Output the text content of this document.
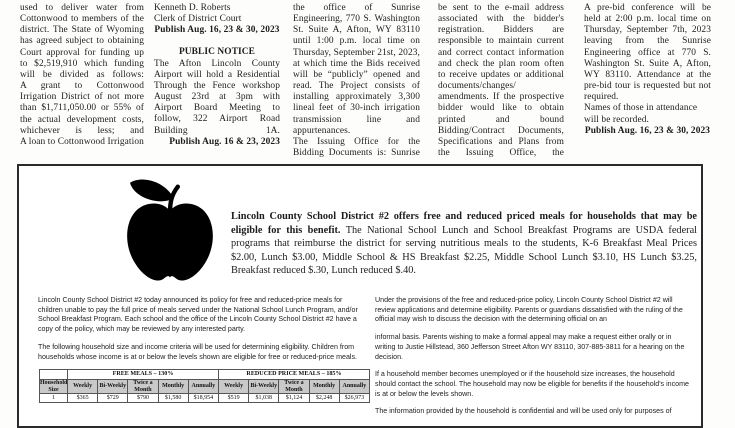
used to deliver water from Cottonwood to members of the district. The State of Wyoming has agreed subject to obtaining Court approval for funding up to $2,519,910 which funding will be divided as follows:

A grant to Cottonwood Irrigation District of not more than $1,711,050.00 or 55% of the actual development costs, whichever is less; and

A loan to Cottonwood Irrigation

Kenneth D. Roberts

Clerk of District Court

Publish Aug. 16, 23 & 30, 2023

PUBLIC NOTICE

The Afton Lincoln County Airport will hold a Residential Through the Fence workshop August 23rd at 3pm with Airport Board Meeting to follow, 322 Airport Road Building 1A.

Publish Aug. 16 & 23, 2023

the office of Sunrise Engineering, 770 S. Washington St. Suite A, Afton, WY 83110 until 1:00 p.m. local time on Thursday, September 21st, 2023, at which time the Bids received will be “publicly” opened and read. The Project consists of installing approximately 3,300 lineal feet of 30-inch irrigation transmission line and appurtenances.

The Issuing Office for the Bidding Documents is: Sunrise

be sent to the e-mail address associated with the bidder's registration. Bidders are responsible to maintain current and correct contact information and check the plan room often to receive updates or additional documents/changes/ amendments. If the prospective bidder would like to obtain printed and bound Bidding/Contract Documents, Specifications and Plans from the Issuing Office, the

A pre-bid conference will be held at 2:00 p.m. local time on Thursday, September 7th, 2023 leaving from the Sunrise Engineering office at 770 S. Washington St. Suite A, Afton, WY 83110. Attendance at the pre-bid tour is requested but not required.

Names of those in attendance will be recorded.

Publish Aug. 16, 23 & 30, 2023

Lincoln County School District #2 offers free and reduced priced meals for households that may be eligible for this benefit. The National School Lunch and School Breakfast Programs are USDA federal programs that reimburse the district for serving nutritious meals to the students, K-6 Breakfast Meal Prices $2.00, Lunch $3.00, Middle School & HS Breakfast $2.25, Middle School Lunch $3.10, HS Lunch $3.25, Breakfast reduced $.30, Lunch reduced $.40.

Lincoln County School District #2 today announced its policy for free and reduced-price meals for children unable to pay the full price of meals served under the National School Lunch Program, and/or School Breakfast Program. Each school and the office of the Lincoln County School District #2 have a copy of the policy, which may be reviewed by any interested party.

The following household size and income criteria will be used for determining eligibility. Children from households whose income is at or below the levels shown are eligible for free or reduced-price meals.

Under the provisions of the free and reduced-price policy, Lincoln County School District #2 will review applications and determine eligibility. Parents or guardians dissatisfied with the ruling of the official may wish to discuss the decision with the determining official on an

informal basis. Parents wishing to make a formal appeal may make a request either orally or in writing to Justie Hillstead, 360 Jefferson Street Afton WY 83110, 307-885-3811 for a hearing on the decision.

If a household member becomes unemployed or if the household size increases, the household should contact the school. The household may now be eligible for benefits if the household's income is at or below the levels shown.

The information provided by the household is confidential and will be used only for purposes of

	FREE MEALS – 130%					REDUCED PRICE MEALS – 185%				
Household Size	Weekly	Bi-Weekly	Twice a Month	Monthly	Annually	Weekly	Bi-Weekly	Twice a Month	Monthly	Annually
1	$365	$729	$790	$1,580	$18,954	$519	$1,038	$1,124	$2,248	$26,973
